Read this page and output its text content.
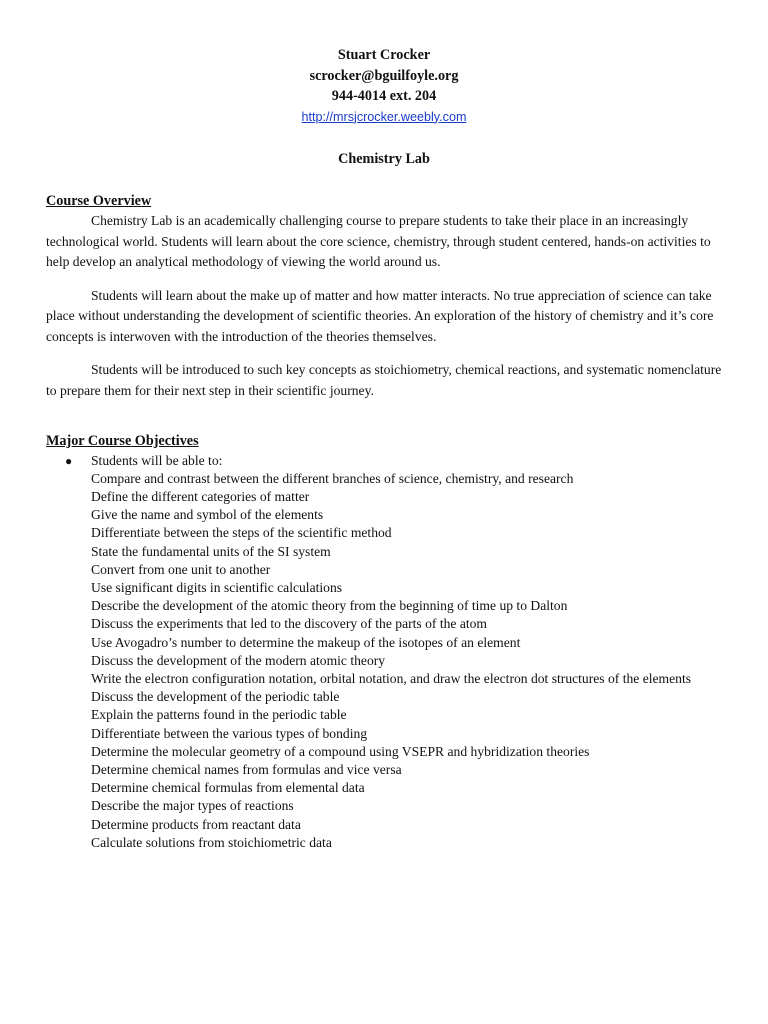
Stuart Crocker
scrocker@bguilfoyle.org
944-4014 ext. 204
http://mrsjcrocker.weebly.com
Chemistry Lab
Course Overview

Chemistry Lab is an academically challenging course to prepare students to take their place in an increasingly technological world. Students will learn about the core science, chemistry, through student centered, hands-on activities to help develop an analytical methodology of viewing the world around us.

Students will learn about the make up of matter and how matter interacts. No true appreciation of science can take place without understanding the development of scientific theories. An exploration of the history of chemistry and it’s core concepts is interwoven with the introduction of the theories themselves.

Students will be introduced to such key concepts as stoichiometry, chemical reactions, and systematic nomenclature to prepare them for their next step in their scientific journey.

Major Course Objectives
● Students will be able to:
Compare and contrast between the different branches of science, chemistry, and research
Define the different categories of matter
Give the name and symbol of the elements
Differentiate between the steps of the scientific method
State the fundamental units of the SI system
Convert from one unit to another
Use significant digits in scientific calculations
Describe the development of the atomic theory from the beginning of time up to Dalton
Discuss the experiments that led to the discovery of the parts of the atom
Use Avogadro’s number to determine the makeup of the isotopes of an element
Discuss the development of the modern atomic theory
Write the electron configuration notation, orbital notation, and draw the electron dot structures of the elements
Discuss the development of the periodic table
Explain the patterns found in the periodic table
Differentiate between the various types of bonding
Determine the molecular geometry of a compound using VSEPR and hybridization theories
Determine chemical names from formulas and vice versa
Determine chemical formulas from elemental data
Describe the major types of reactions
Determine products from reactant data
Calculate solutions from stoichiometric data
